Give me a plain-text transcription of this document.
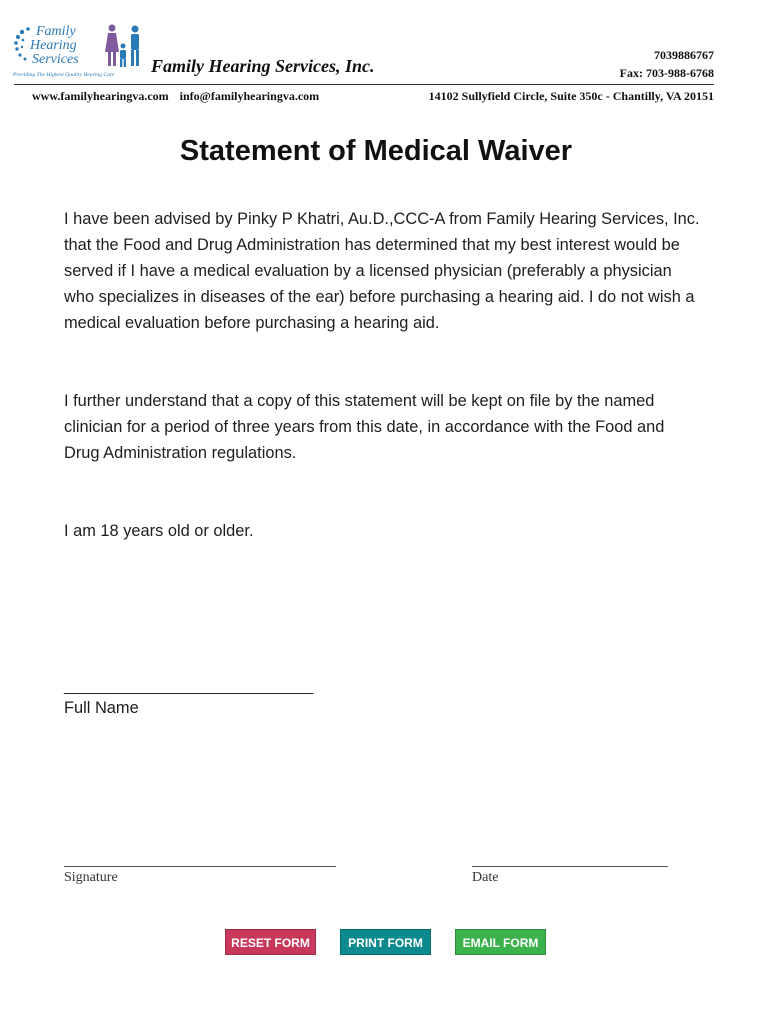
Family
Hearing
Services
Providing The Highest Quality Hearing Care Family Hearing Services, Inc.
7039886767
Fax: 703-988-6768
www.familyhearingva.com info@familyhearingva.com	14102 Sullyfield Circle, Suite 350c - Chantilly, VA 20151
Statement of Medical Waiver
I have been advised by Pinky P Khatri, Au.D.,CCC-A from Family Hearing Services, Inc. that the Food and Drug Administration has determined that my best interest would be served if I have a medical evaluation by a licensed physician (preferably a physician who specializes in diseases of the ear) before purchasing a hearing aid. I do not wish a medical evaluation before purchasing a hearing aid.
I further understand that a copy of this statement will be kept on file by the named clinician for a period of three years from this date, in accordance with the Food and Drug Administration regulations.
I am 18 years old or older.
____________________________
Full Name
Signature	Date
RESET FORM	PRINT FORM	EMAIL FORM
